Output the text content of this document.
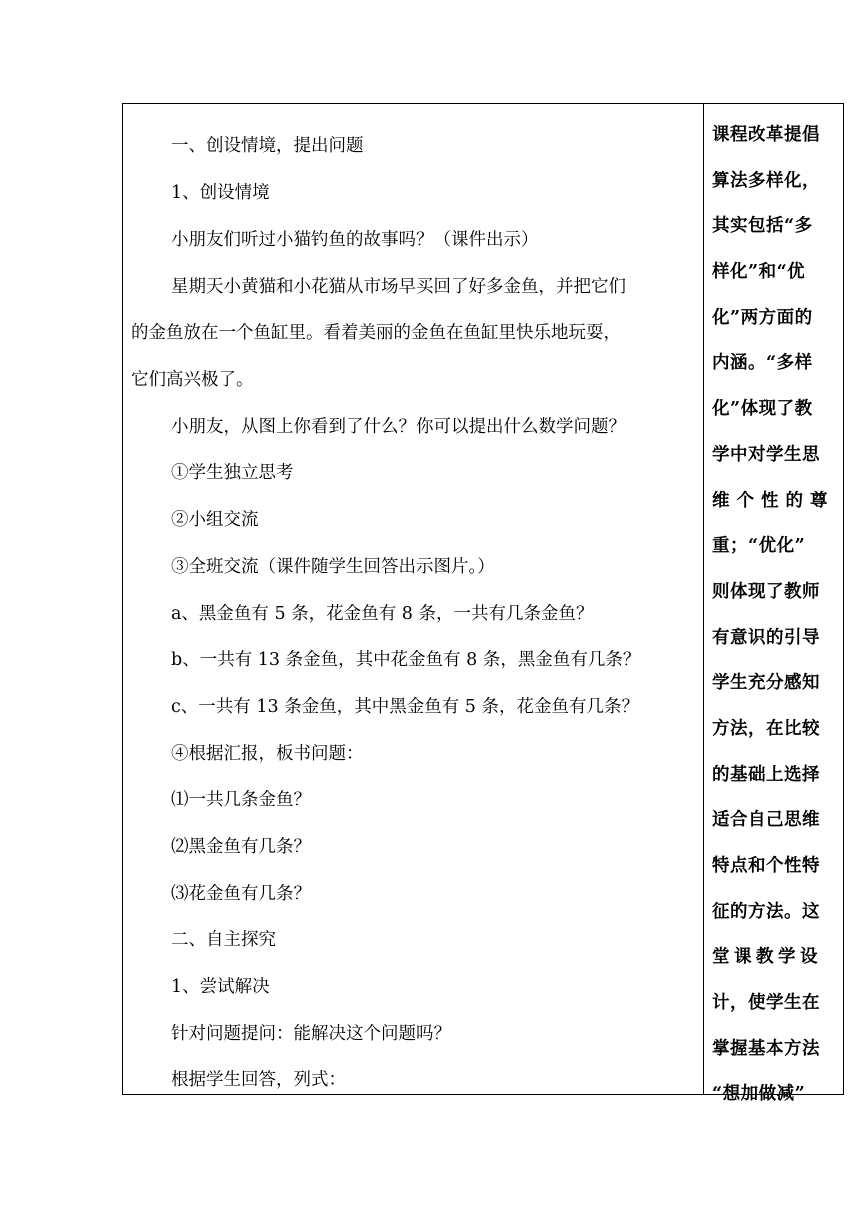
一、创设情境，提出问题
1、创设情境
小朋友们听过小猫钓鱼的故事吗？（课件出示）
星期天小黄猫和小花猫从市场早买回了好多金鱼，并把它们
的金鱼放在一个鱼缸里。看着美丽的金鱼在鱼缸里快乐地玩耍，
它们高兴极了。
小朋友，从图上你看到了什么？你可以提出什么数学问题？
①学生独立思考
②小组交流
③全班交流（课件随学生回答出示图片。）
a、黑金鱼有 5 条，花金鱼有 8 条，一共有几条金鱼？
b、一共有 13 条金鱼，其中花金鱼有 8 条，黑金鱼有几条？
c、一共有 13 条金鱼，其中黑金鱼有 5 条，花金鱼有几条？
④根据汇报，板书问题：
⑴一共几条金鱼？
⑵黑金鱼有几条？
⑶花金鱼有几条？
二、自主探究
1、尝试解决
针对问题提问：能解决这个问题吗？
根据学生回答，列式：
课程改革提倡
算法多样化，
其实包括“多
样化”和“优
化”两方面的
内涵。“多样
化”体现了教
学中对学生思
维个性的尊
重；“优化”
则体现了教师
有意识的引导
学生充分感知
方法，在比较
的基础上选择
适合自己思维
特点和个性特
征的方法。这
堂课教学设
计，使学生在
掌握基本方法
“想加做减”
